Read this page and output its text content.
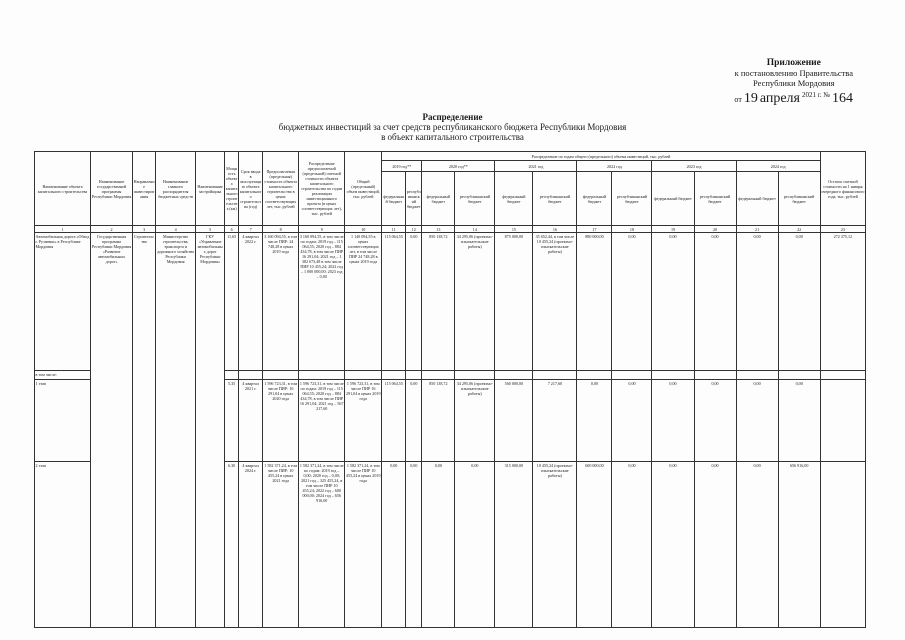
Приложение
к постановлению Правительства
Республики Мордовия
от 19 апреля 2021 г. № 164
Распределение
бюджетных инвестиций за счет средств республиканского бюджета Республики Мордовия
в объект капитального строительства
Наименование объекта капитального строительства	Наименование государственной программы Республики Мордовия	Направление инвестирования	Наименование главного распорядителя бюджетных средств	Наименование застройщика	Мощность объекта капитального строительства (км)	Срок ввода в эксплуатацию объекта капитального строительства (год)	Предполагаемая (предельная) стоимость объекта капитального строительства в ценах соответствующих лет, тыс. рублей	Распределение предполагаемой (предельной) сметной стоимости объекта капитального строительства по годам реализации инвестиционного проекта (в ценах соответствующих лет), тыс. рублей	Общий (предельный) объем инвестиций, тыс. рублей	Распределение по годам общего (предельного) объема инвестиций, тыс. рублей												Остаток сметной стоимости на 1 января очередного финансового года, тыс. рублей
										2019 год**		2020 год**		2021 год		2022 год		2023 год		2024 год		
										федеральный бюджет	республиканский бюджет	федеральный бюджет	республиканский бюджет	федеральный бюджет	республиканский бюджет	федеральный бюджет	республиканский бюджет	федеральный бюджет	республиканский бюджет	федеральный бюджет	республиканский бюджет	
1	2	3	4	5	6	7	8	9	10	11	12	13	14	15	16	17	18	19	20	21	22	23
Автомобильная дорога «Обход г. Рузаевки» в Республике Мордовия	Государственная программа Республики Мордовия «Развитие автомобильных дорог»	Строительство	Министерство строительства, транспорта и дорожного хозяйства Республики Мордовия	ГКУ «Управление автомобильных дорог Республики Мордовия»	11,65	4 квартал 2022 г.	3 160 094,55, в том числе ПИР: 24 748,28 в ценах 2019 года	3 160 094,55, в том числе по годам: 2019 год – 115 064,55; 2020 год – 884 434,78, в том числе ПИР 16 291,04; 2021 год – 1 382 673,48 в том числе ПИР 10 455,24; 2022 год – 1 000 000,00; 2023 год – 0,00	1 140 094,55 в ценах соответствующих лет, в том числе ПИР 24 748,28 в ценах 2019 года	115 064,55	0,00	850 138,72	34 295,06 (проектно-изыскательские работы)	875 000,00	35 652,44, в том числе 10 455,24 (проектно-изыскательские работы)	880 000,00	0,00	0,00	0,00	0,00	0,00	272 375,12
в том числе:																						
1 этап					5,35	4 квартал 2021 г.	1 596 723,31, в том числе ПИР: 16 291,04 в ценах 2020 года	1 596 723,31, в том числе по годам: 2019 год – 115 064,55; 2020 год – 884 434,78, в том числе ПИР 16 291,04; 2021 год – 567 217,60	1 596 723,31, в том числе ПИР 16 291,04 в ценах 2019 года	115 064,55	0,00	850 138,72	34 295,06 (проектно-изыскательские работы)	560 000,00	7 217,60	0,00	0,00	0,00	0,00	0,00	0,00	
2 этап					6,30	4 квартал 2024 г.	1 582 371,24, в том числе ПИР: 10 455,24 в ценах 2021 года	1 582 371,24, в том числе по годам: 2019 год – 0,00; 2020 год – 0,00; 2021 год – 325 455,24, в том числе ПИР 10 455,24; 2022 год – 600 000,00; 2024 год – 656 916,00	1 582 371,24, в том числе ПИР 10 455,24 в ценах 2019 года	0,00	0,00	0,00	0,00	315 000,00	10 455,24 (проектно-изыскательские работы)	600 000,00	0,00	0,00	0,00	0,00	656 916,00	
